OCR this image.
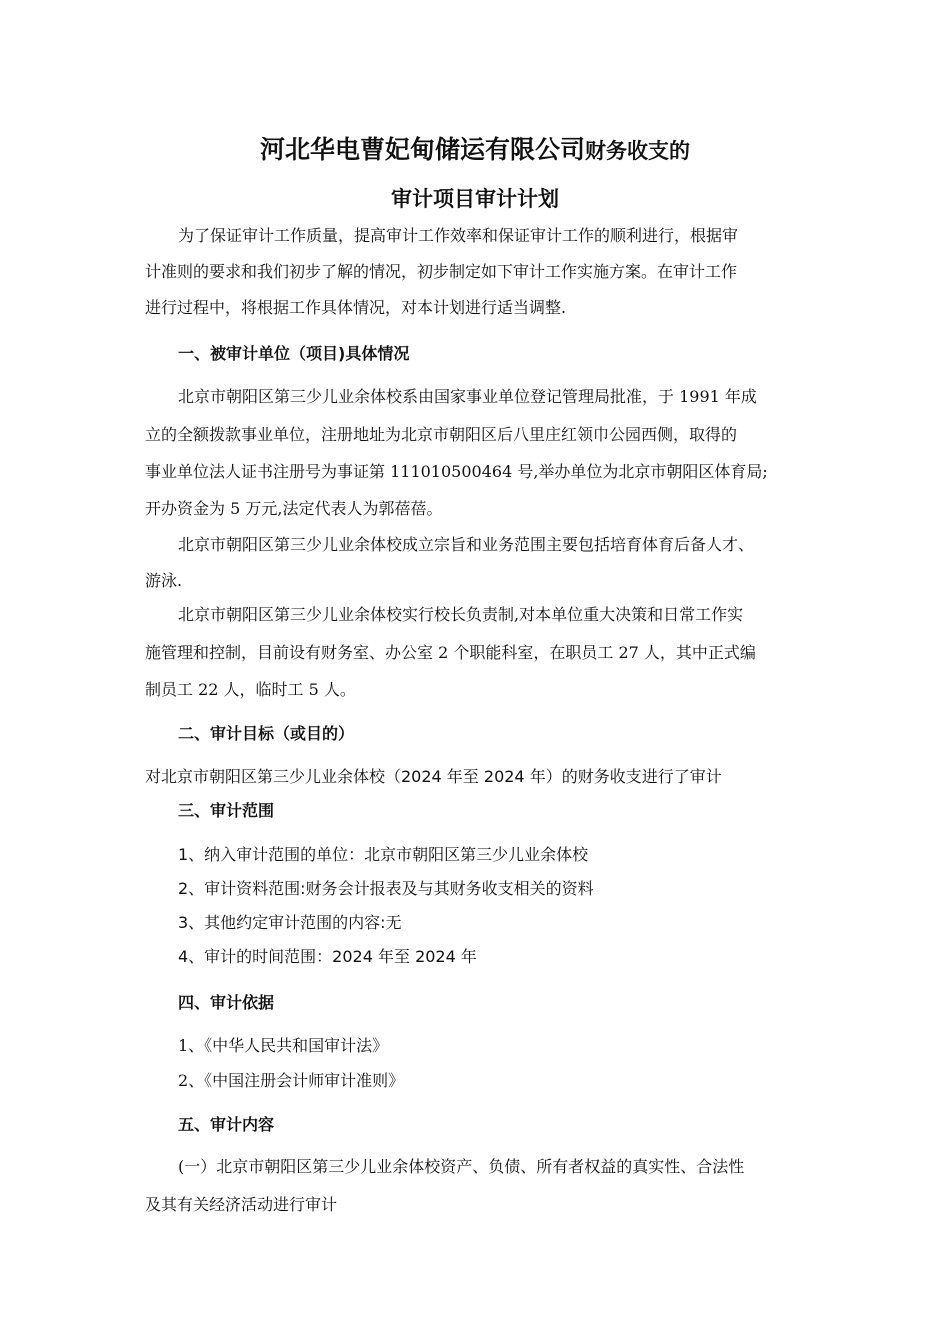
河北华电曹妃甸储运有限公司财务收支的
审计项目审计计划
为了保证审计工作质量，提高审计工作效率和保证审计工作的顺利进行，根据审
计准则的要求和我们初步了解的情况，初步制定如下审计工作实施方案。在审计工作
进行过程中，将根据工作具体情况，对本计划进行适当调整.
一、被审计单位（项目)具体情况
北京市朝阳区第三少儿业余体校系由国家事业单位登记管理局批准，于 1991 年成
立的全额拨款事业单位，注册地址为北京市朝阳区后八里庄红领巾公园西侧，取得的
事业单位法人证书注册号为事证第 111010500464 号,举办单位为北京市朝阳区体育局;
开办资金为 5 万元,法定代表人为郭蓓蓓。
北京市朝阳区第三少儿业余体校成立宗旨和业务范围主要包括培育体育后备人才、
游泳.
北京市朝阳区第三少儿业余体校实行校长负责制,对本单位重大决策和日常工作实
施管理和控制，目前设有财务室、办公室 2 个职能科室，在职员工 27 人，其中正式编
制员工 22 人，临时工 5 人。
二、审计目标（或目的）
对北京市朝阳区第三少儿业余体校（2024 年至 2024 年）的财务收支进行了审计
三、审计范围
1、纳入审计范围的单位：北京市朝阳区第三少儿业余体校
2、审计资料范围:财务会计报表及与其财务收支相关的资料
3、其他约定审计范围的内容:无
4、审计的时间范围：2024 年至 2024 年
四、审计依据
1、《中华人民共和国审计法》
2、《中国注册会计师审计准则》
五、审计内容
(一）北京市朝阳区第三少儿业余体校资产、负债、所有者权益的真实性、合法性
及其有关经济活动进行审计
